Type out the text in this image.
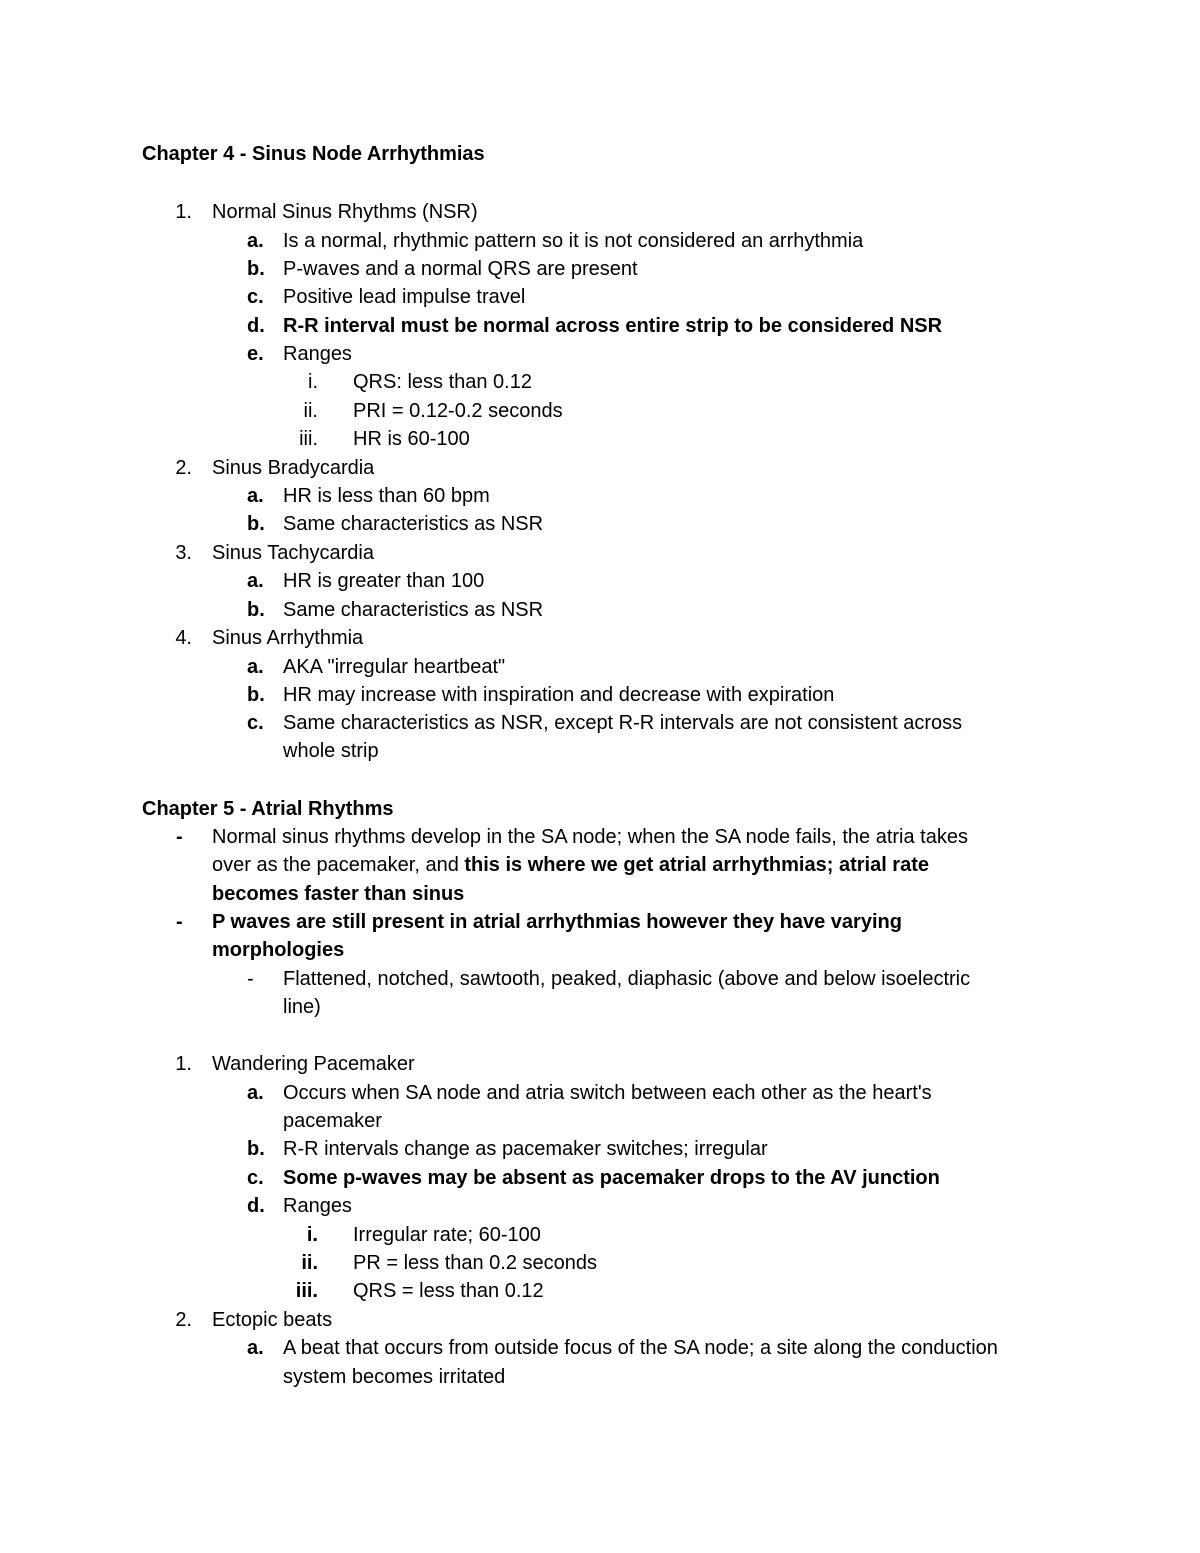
Chapter 4 - Sinus Node Arrhythmias
1. Normal Sinus Rhythms (NSR)
a. Is a normal, rhythmic pattern so it is not considered an arrhythmia
b. P-waves and a normal QRS are present
c. Positive lead impulse travel
d. R-R interval must be normal across entire strip to be considered NSR
e. Ranges
i. QRS: less than 0.12
ii. PRI = 0.12-0.2 seconds
iii. HR is 60-100
2. Sinus Bradycardia
a. HR is less than 60 bpm
b. Same characteristics as NSR
3. Sinus Tachycardia
a. HR is greater than 100
b. Same characteristics as NSR
4. Sinus Arrhythmia
a. AKA "irregular heartbeat"
b. HR may increase with inspiration and decrease with expiration
c. Same characteristics as NSR, except R-R intervals are not consistent across
whole strip
Chapter 5 - Atrial Rhythms
- Normal sinus rhythms develop in the SA node; when the SA node fails, the atria takes
over as the pacemaker, and this is where we get atrial arrhythmias; atrial rate
becomes faster than sinus
- P waves are still present in atrial arrhythmias however they have varying
morphologies
- Flattened, notched, sawtooth, peaked, diaphasic (above and below isoelectric
line)
1. Wandering Pacemaker
a. Occurs when SA node and atria switch between each other as the heart's
pacemaker
b. R-R intervals change as pacemaker switches; irregular
c. Some p-waves may be absent as pacemaker drops to the AV junction
d. Ranges
i. Irregular rate; 60-100
ii. PR = less than 0.2 seconds
iii. QRS = less than 0.12
2. Ectopic beats
a. A beat that occurs from outside focus of the SA node; a site along the conduction
system becomes irritated
